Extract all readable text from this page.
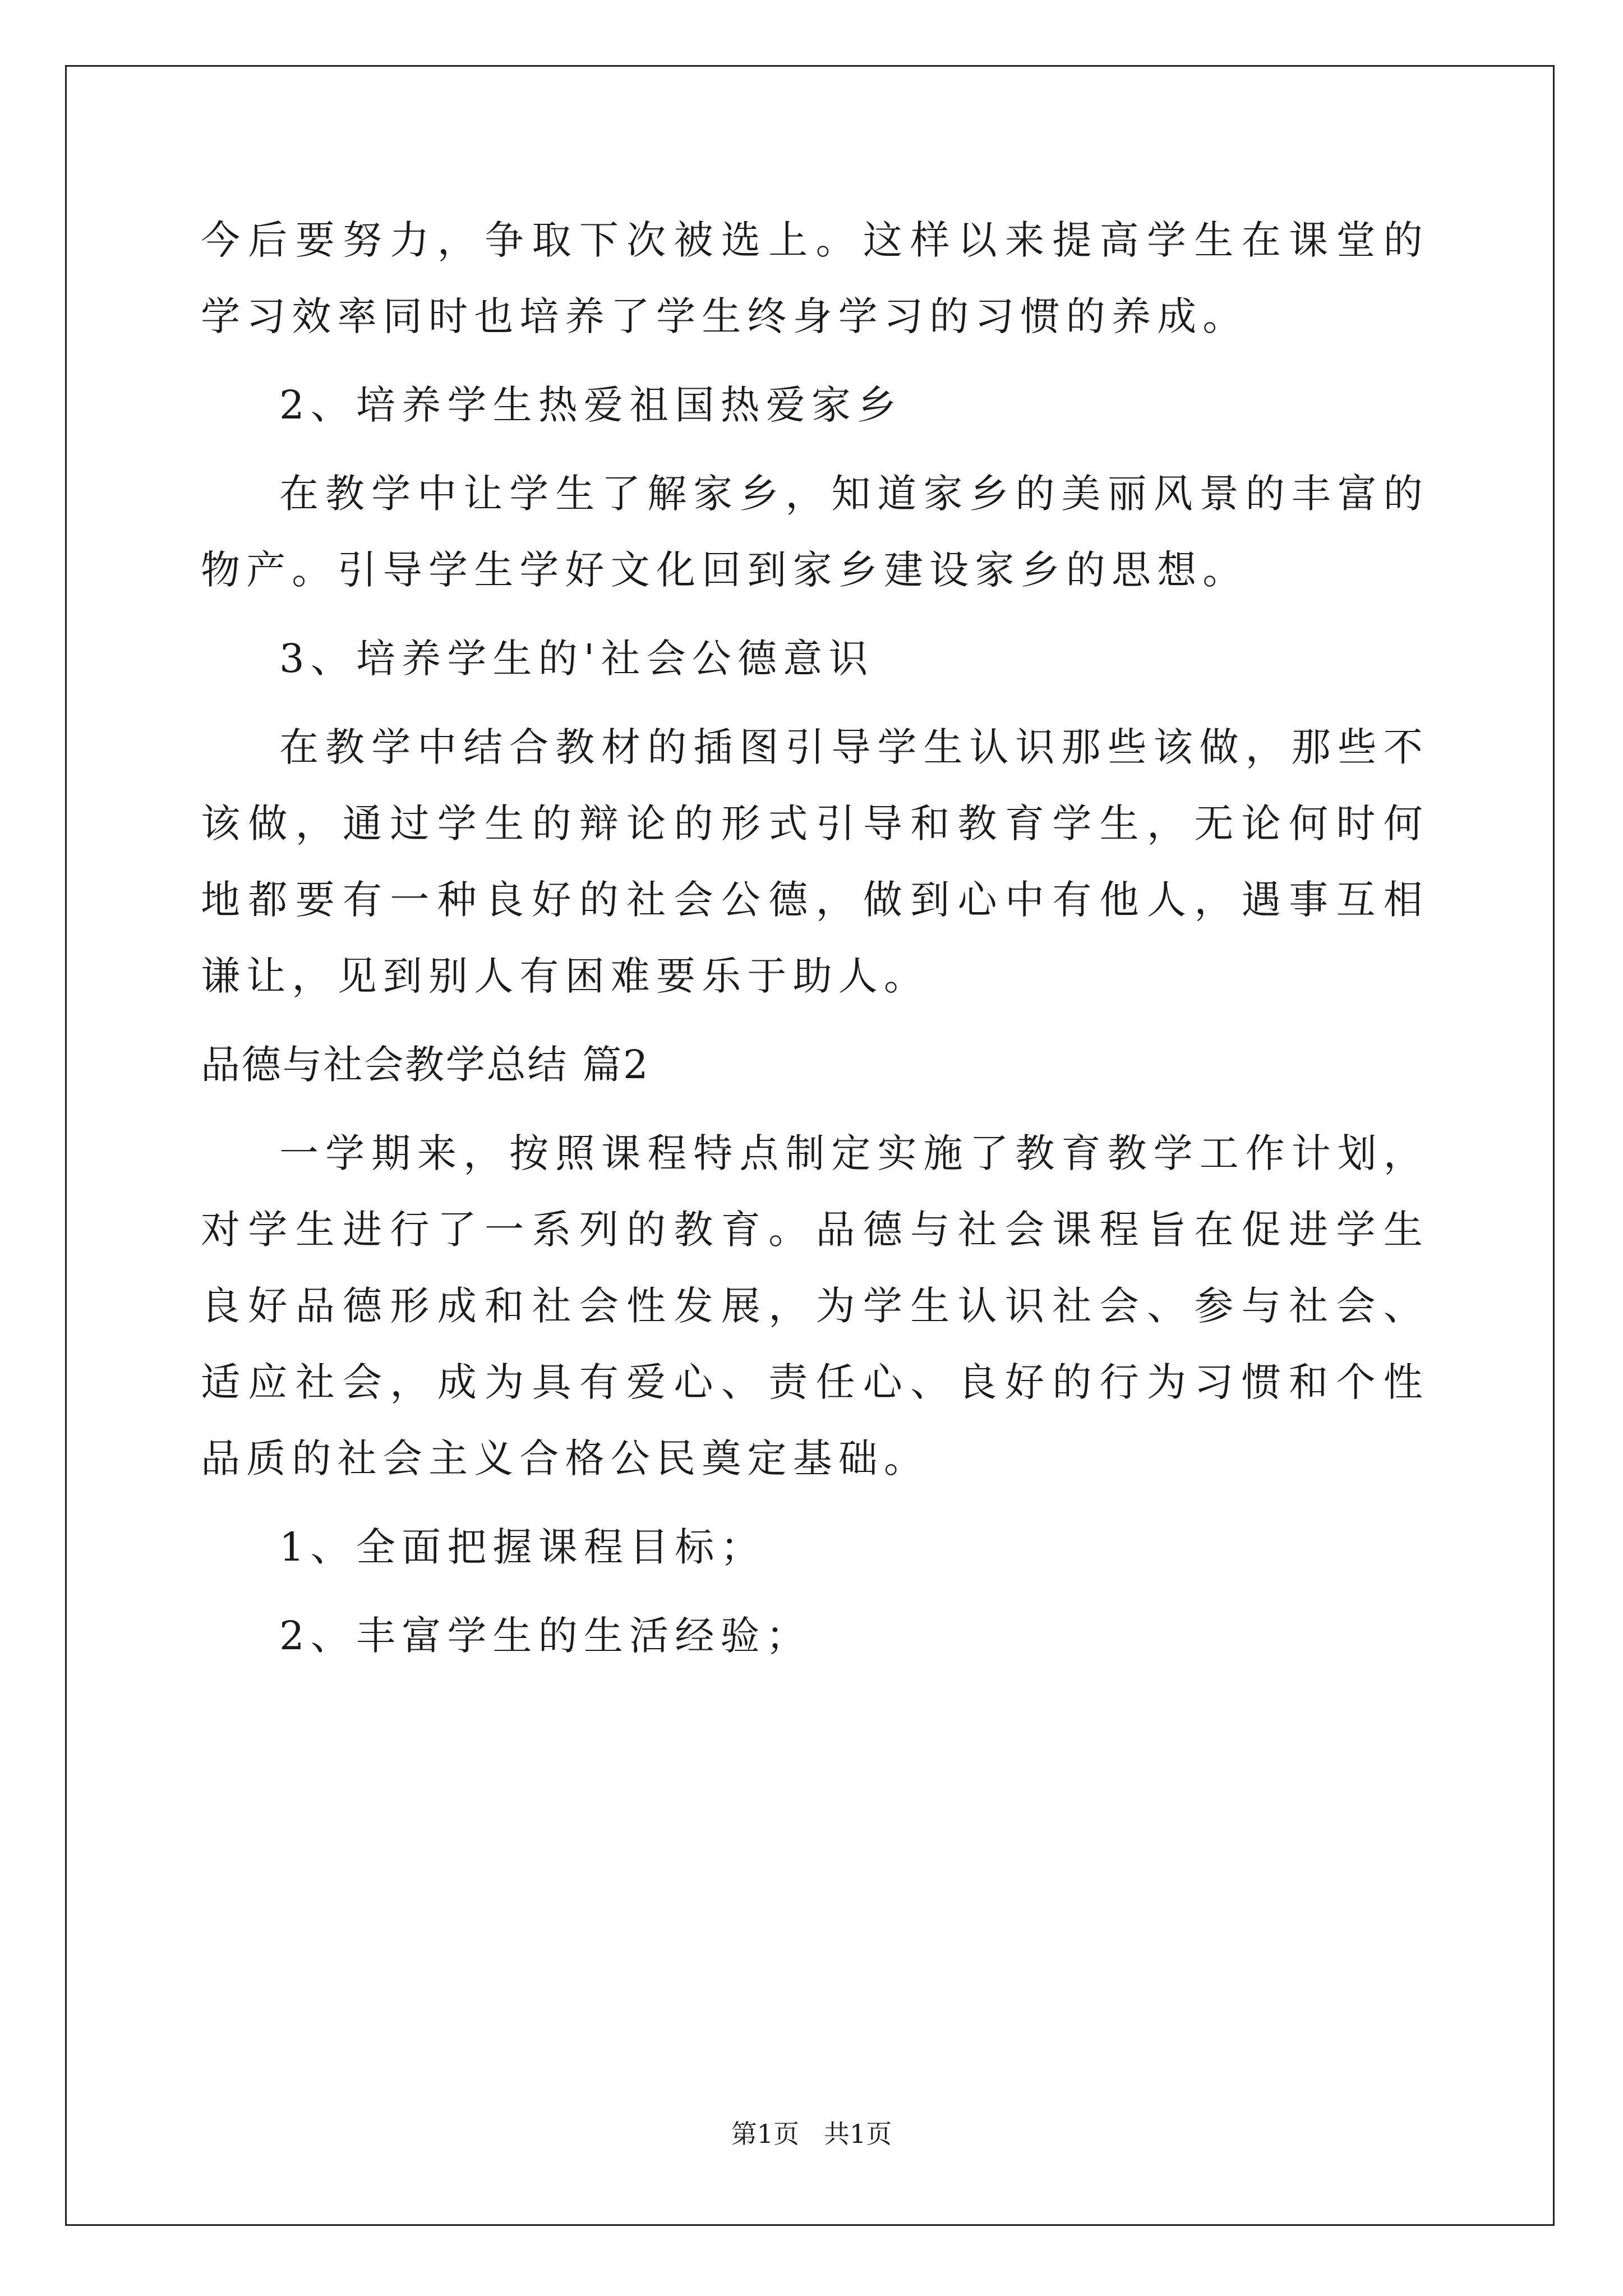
今后要努力，争取下次被选上。这样以来提高学生在课堂的学习效率同时也培养了学生终身学习的习惯的养成。

2、培养学生热爱祖国热爱家乡

在教学中让学生了解家乡，知道家乡的美丽风景的丰富的物产。引导学生学好文化回到家乡建设家乡的思想。

3、培养学生的'社会公德意识

在教学中结合教材的插图引导学生认识那些该做，那些不该做，通过学生的辩论的形式引导和教育学生，无论何时何地都要有一种良好的社会公德，做到心中有他人，遇事互相谦让，见到别人有困难要乐于助人。

品德与社会教学总结 篇2

一学期来，按照课程特点制定实施了教育教学工作计划，对学生进行了一系列的教育。品德与社会课程旨在促进学生良好品德形成和社会性发展，为学生认识社会、参与社会、适应社会，成为具有爱心、责任心、良好的行为习惯和个性品质的社会主义合格公民奠定基础。

1、全面把握课程目标；

2、丰富学生的生活经验；

第1页   共1页
